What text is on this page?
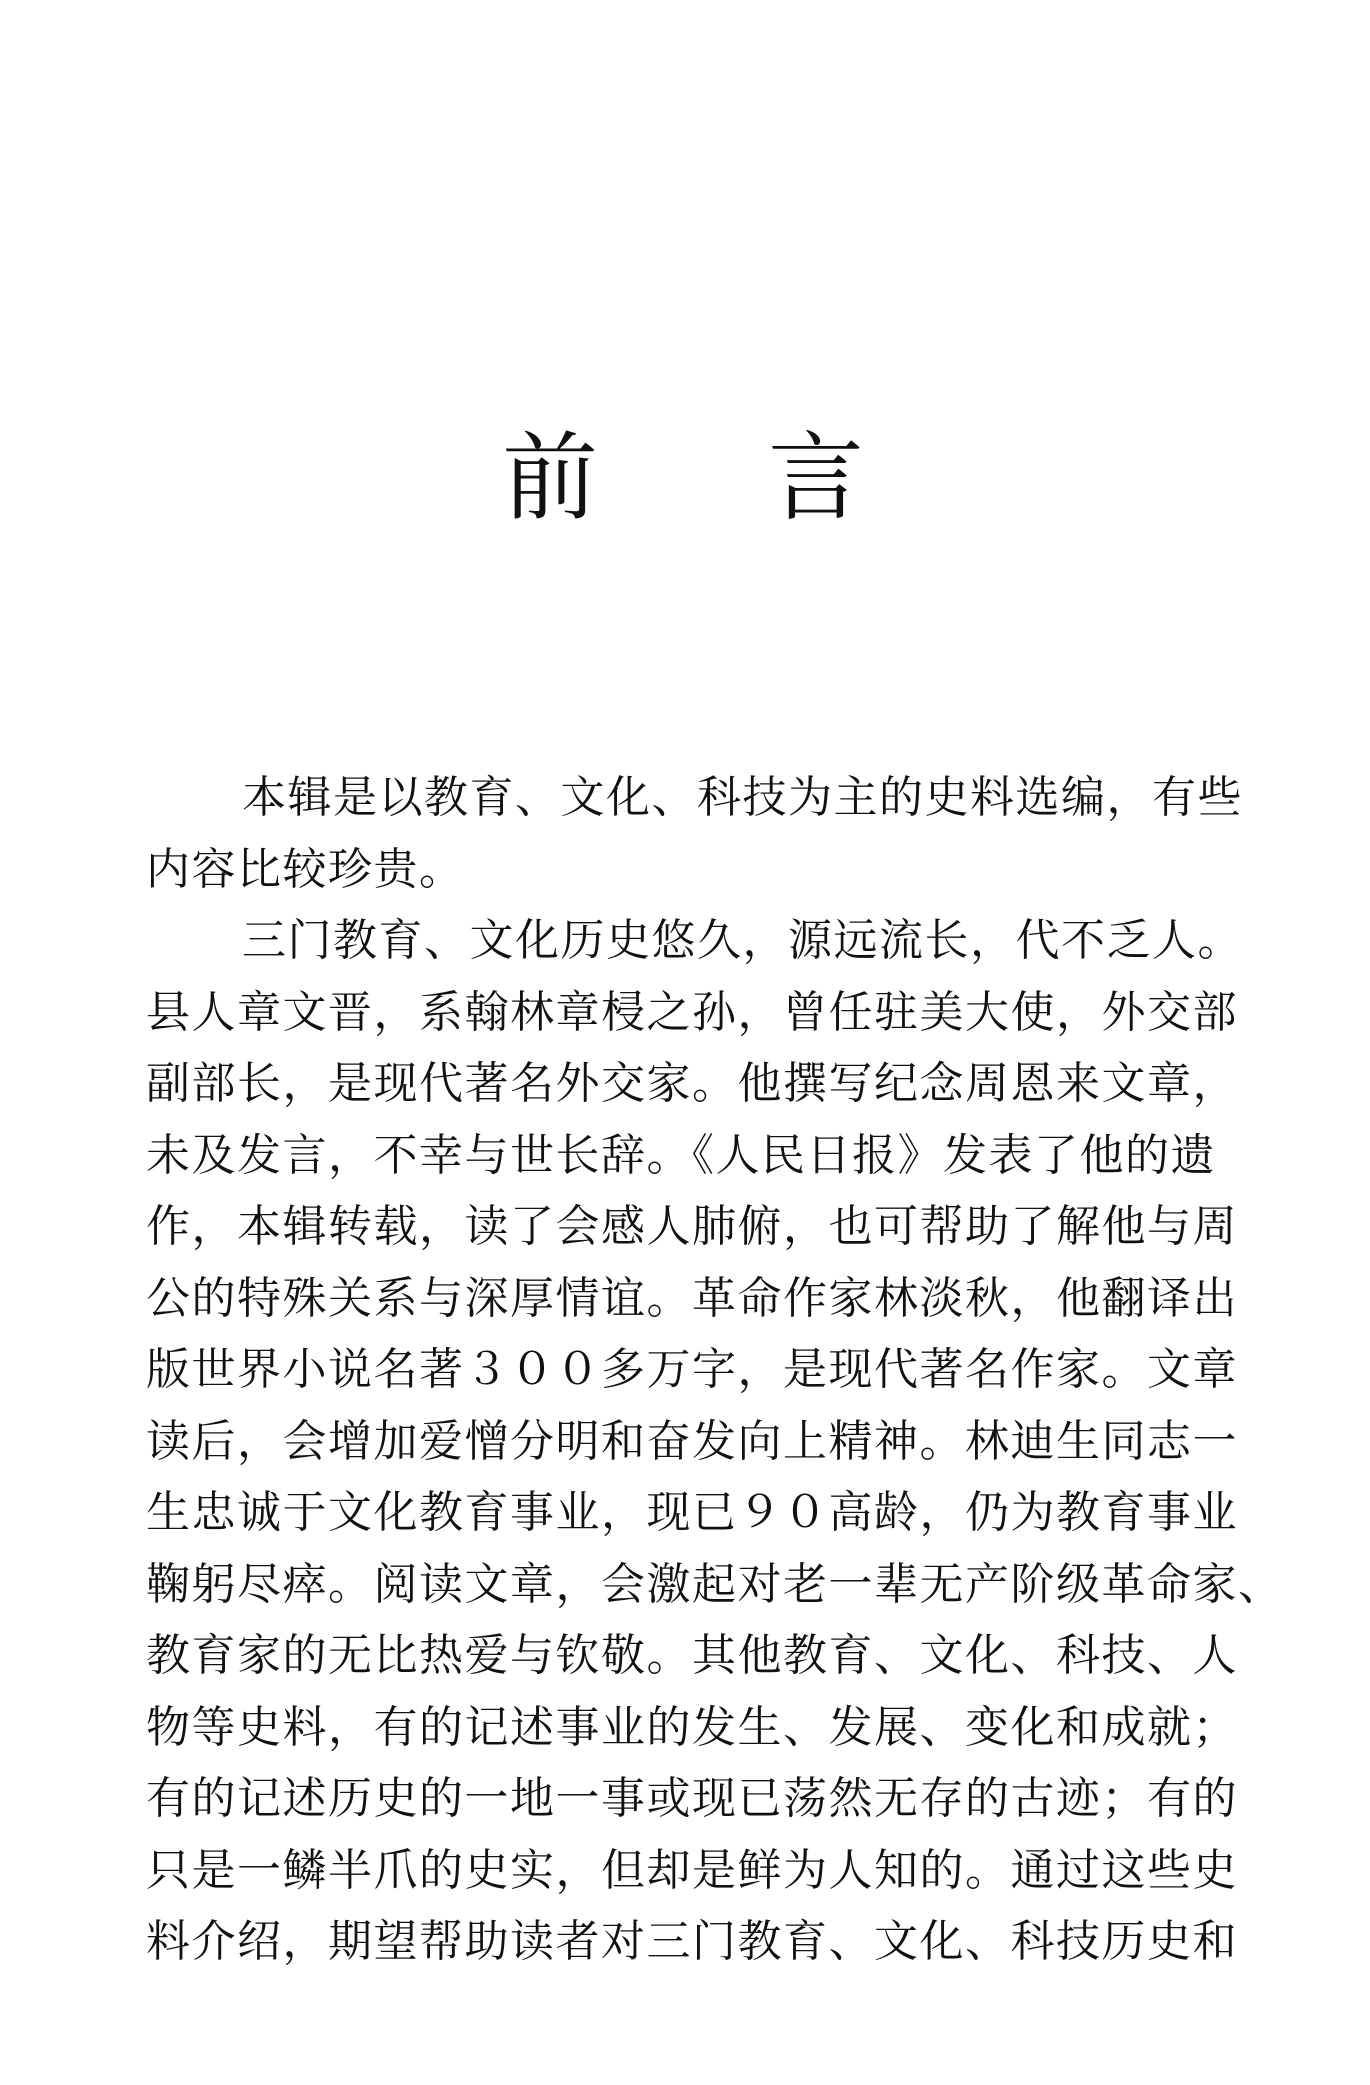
前 言
本辑是以教育、文化、科技为主的史料选编，有些
内容比较珍贵。
三门教育、文化历史悠久，源远流长，代不乏人。
县人章文晋，系翰林章梫之孙，曾任驻美大使，外交部
副部长，是现代著名外交家。他撰写纪念周恩来文章，
未及发言，不幸与世长辞。《人民日报》发表了他的遗
作，本辑转载，读了会感人肺俯，也可帮助了解他与周
公的特殊关系与深厚情谊。革命作家林淡秋，他翻译出
版世界小说名著３００多万字，是现代著名作家。文章
读后，会增加爱憎分明和奋发向上精神。林迪生同志一
生忠诚于文化教育事业，现已９０高龄，仍为教育事业
鞠躬尽瘁。阅读文章，会激起对老一辈无产阶级革命家、
教育家的无比热爱与钦敬。其他教育、文化、科技、人
物等史料，有的记述事业的发生、发展、变化和成就；
有的记述历史的一地一事或现已荡然无存的古迹；有的
只是一鳞半爪的史实，但却是鲜为人知的。通过这些史
料介绍，期望帮助读者对三门教育、文化、科技历史和
